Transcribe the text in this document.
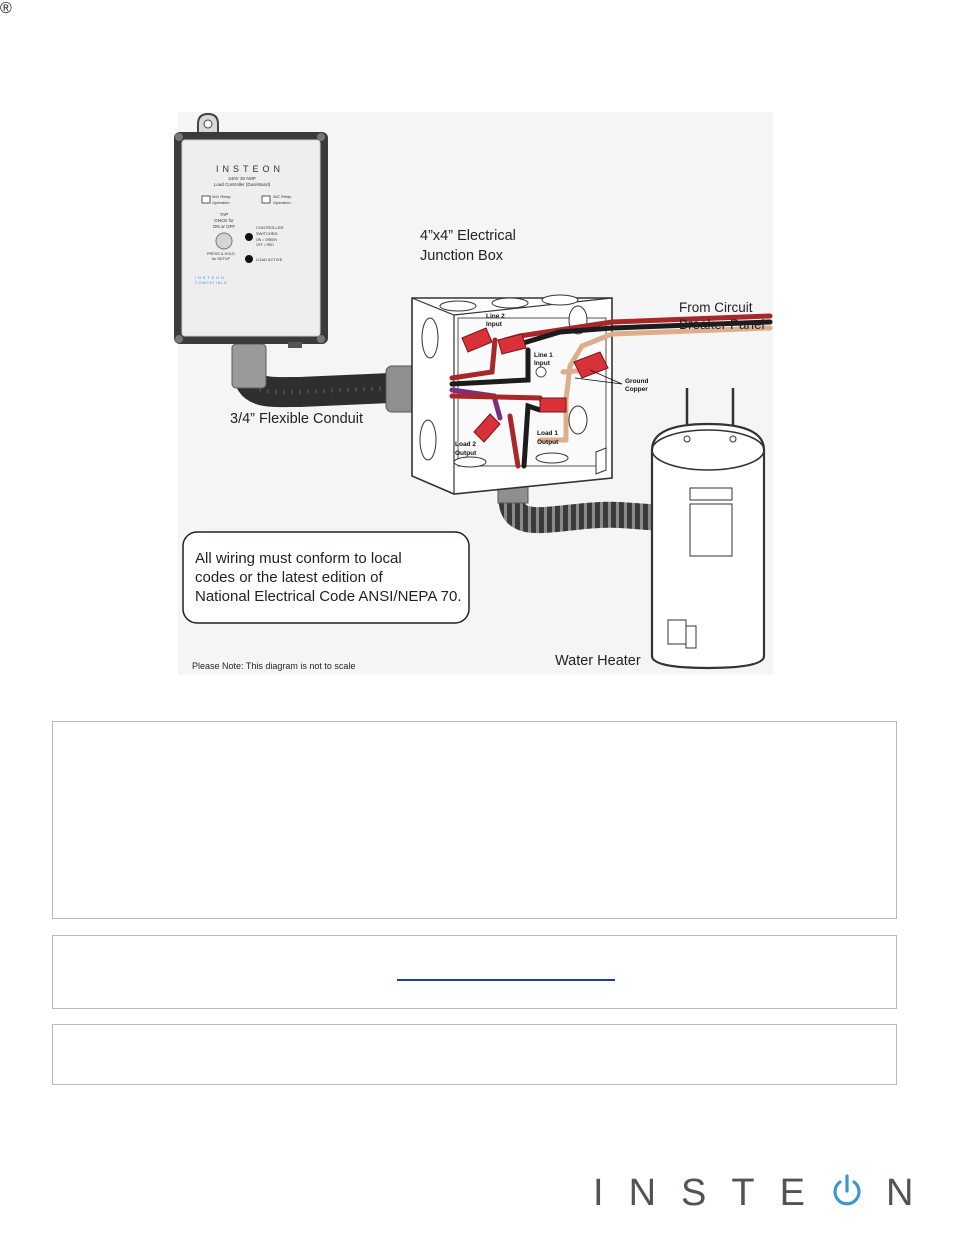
INSTEON
240V 30 AMP
Load Controller (Dual-Band)
N/O Relay
Operation
N/C Relay
Operation
TAP
ONCE for
ON or OFF
PRESS & HOLD
for SETUP
CONTROLLER
SWITCHED:
ON = GREEN
OFF = RED
LOAD ACTIVE
INSTEON
COMPATIBLE
Line 2
Input
Line 1
Input
Ground
Copper
Load 2
Output
Load 1
Output
4”x4” Electrical
Junction Box
From Circuit
Breaker Panel
3/4” Flexible Conduit
Water Heater
All wiring must conform to local
codes or the latest edition of
National Electrical Code ANSI/NEPA 70.
Please Note: This diagram is not to scale
INSTE N
®
